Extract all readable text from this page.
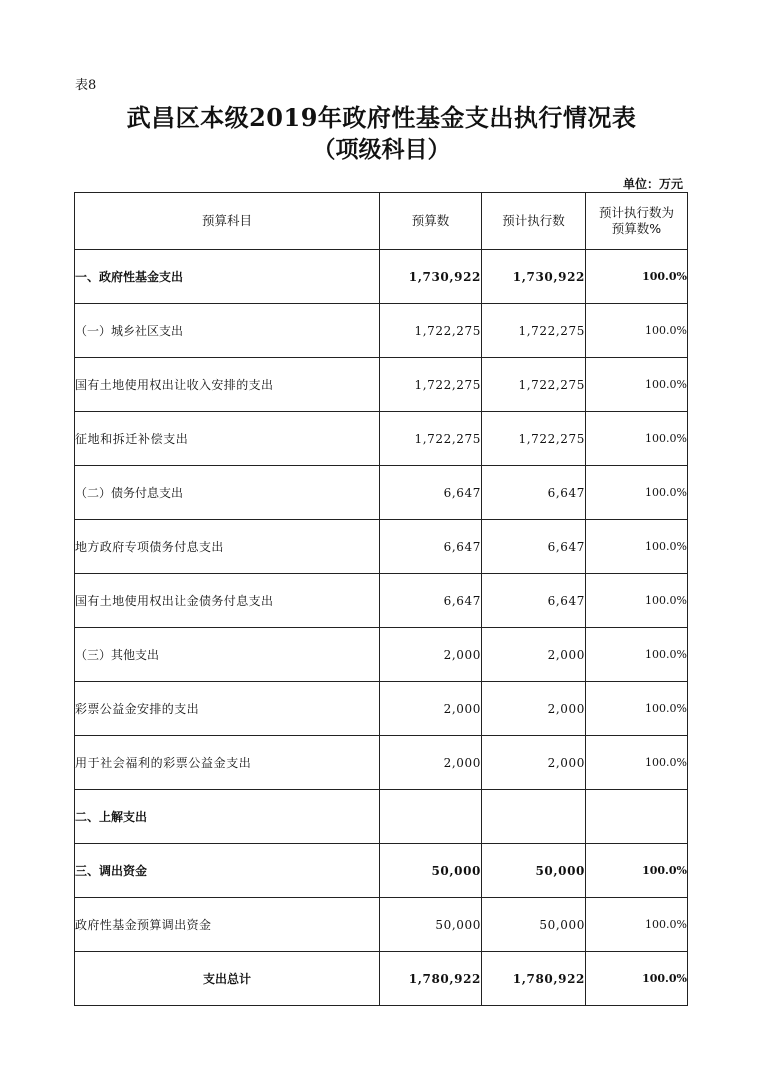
表8
武昌区本级2019年政府性基金支出执行情况表
（项级科目）
单位：万元
预算科目	预算数	预计执行数	预计执行数为
预算数%

一、政府性基金支出	1,730,922	1,730,922	100.0%
（一）城乡社区支出	1,722,275	1,722,275	100.0%
国有土地使用权出让收入安排的支出	1,722,275	1,722,275	100.0%
征地和拆迁补偿支出	1,722,275	1,722,275	100.0%
（二）债务付息支出	6,647	6,647	100.0%
地方政府专项债务付息支出	6,647	6,647	100.0%
国有土地使用权出让金债务付息支出	6,647	6,647	100.0%
（三）其他支出	2,000	2,000	100.0%
彩票公益金安排的支出	2,000	2,000	100.0%
用于社会福利的彩票公益金支出	2,000	2,000	100.0%
二、上解支出			
三、调出资金	50,000	50,000	100.0%
政府性基金预算调出资金	50,000	50,000	100.0%
支出总计	1,780,922	1,780,922	100.0%
